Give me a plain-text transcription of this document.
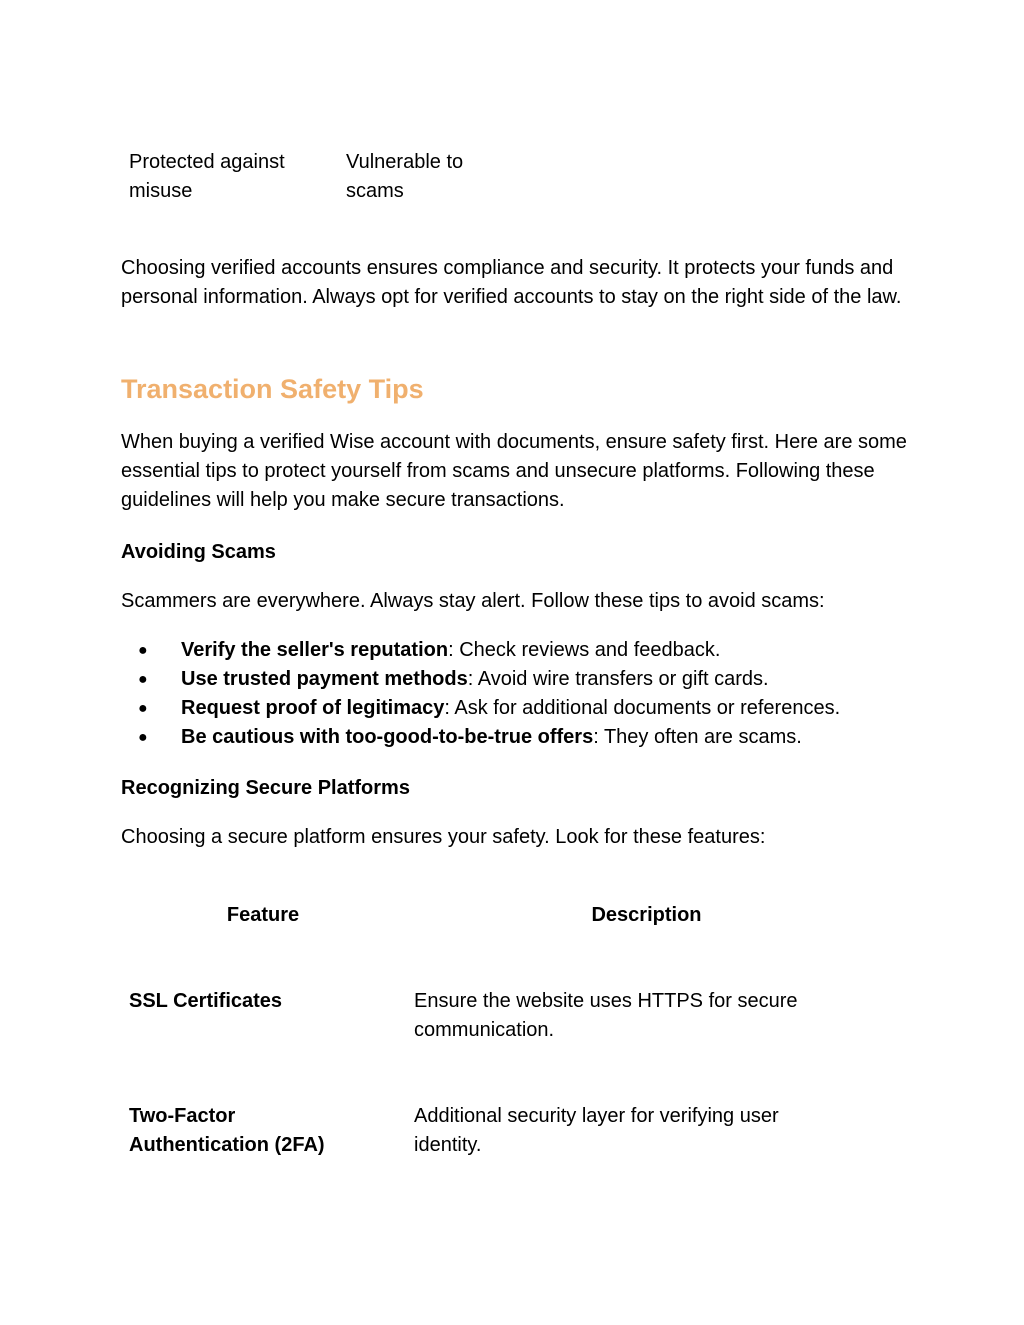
Protected against misuse
Vulnerable to scams

Choosing verified accounts ensures compliance and security. It protects your funds and personal information. Always opt for verified accounts to stay on the right side of the law.

Transaction Safety Tips

When buying a verified Wise account with documents, ensure safety first. Here are some essential tips to protect yourself from scams and unsecure platforms. Following these guidelines will help you make secure transactions.

Avoiding Scams

Scammers are everywhere. Always stay alert. Follow these tips to avoid scams:

● Verify the seller's reputation: Check reviews and feedback.
● Use trusted payment methods: Avoid wire transfers or gift cards.
● Request proof of legitimacy: Ask for additional documents or references.
● Be cautious with too-good-to-be-true offers: They often are scams.
Recognizing Secure Platforms

Choosing a secure platform ensures your safety. Look for these features:

Feature	Description
SSL Certificates	Ensure the website uses HTTPS for secure
communication.
Two-Factor
Authentication (2FA)
Additional security layer for verifying user
identity.
